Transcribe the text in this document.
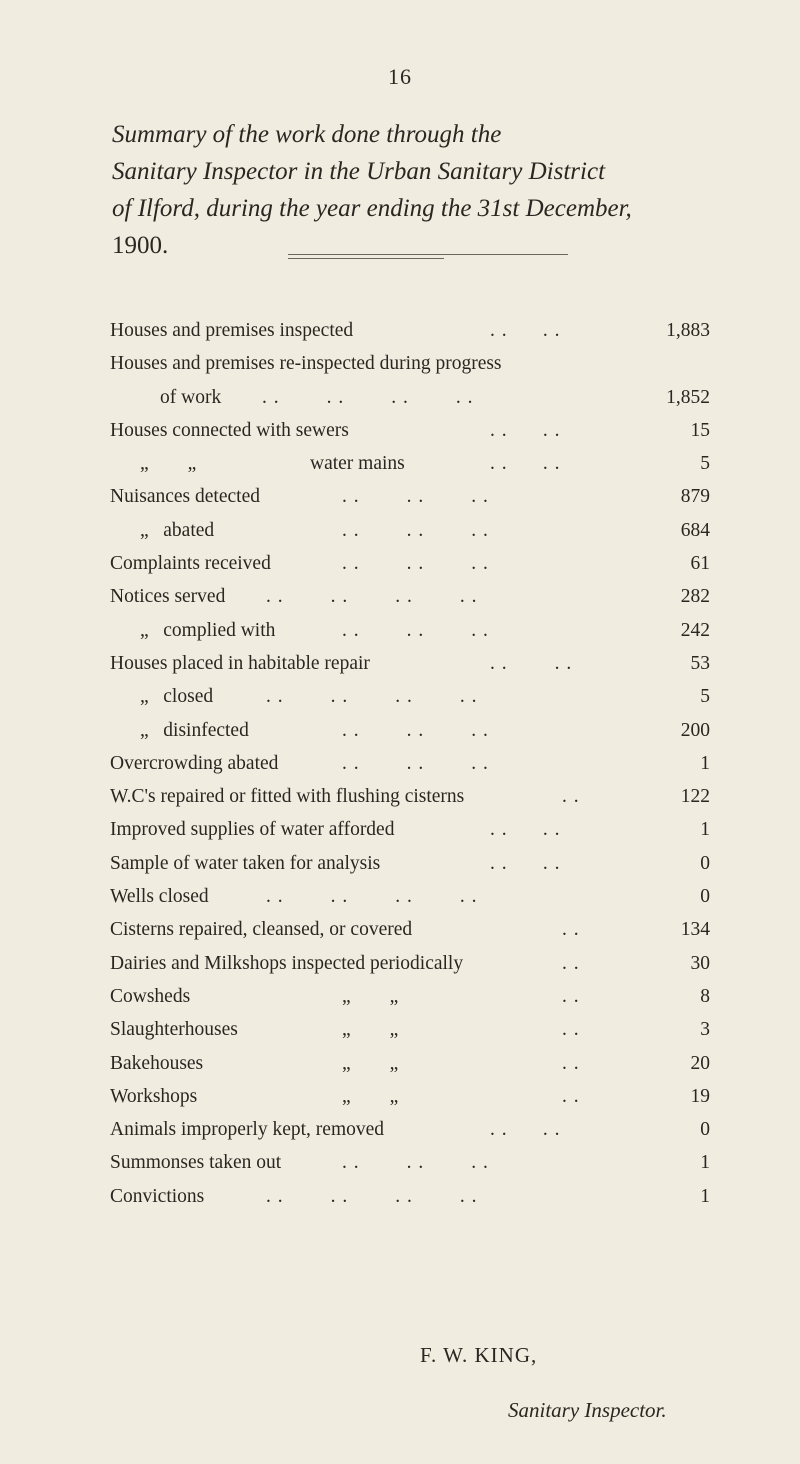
16
Summary of the work done through the
Sanitary Inspector in the Urban Sanitary District
of Ilford, during the year ending the 31st December,
1900.
Houses and premises inspected	. .      . .	1,883
Houses and premises re-inspected during progress
of work . .        . .        . .        . .	1,852
Houses connected with sewers	. .      . .	15
„        „	water mains	. .      . .	5
Nuisances detected	. .        . .        . .	879
„   abated	. .        . .        . .	684
Complaints received	. .        . .        . .	61
Notices served . .        . .        . .        . .	282
„   complied with	. .        . .        . .	242
Houses placed in habitable repair	. .        . .	53
„   closed	. .        . .        . .        . .	5
„   disinfected	. .        . .        . .	200
Overcrowding abated	. .        . .        . .	1
W.C's repaired or fitted with flushing cisterns	. .	122
Improved supplies of water afforded	. .      . .	1
Sample of water taken for analysis	. .      . .	0
Wells closed	. .        . .        . .        . .	0
Cisterns repaired, cleansed, or covered	. .	134
Dairies and Milkshops inspected periodically	. .	30
Cowsheds	„        „	. .	8
Slaughterhouses	„        „	. .	3
Bakehouses	„        „	. .	20
Workshops	„        „	. .	19
Animals improperly kept, removed	. .      . .	0
Summonses taken out	. .        . .        . .	1
Convictions	. .        . .        . .        . .	1
F. W. KING,
Sanitary Inspector.
